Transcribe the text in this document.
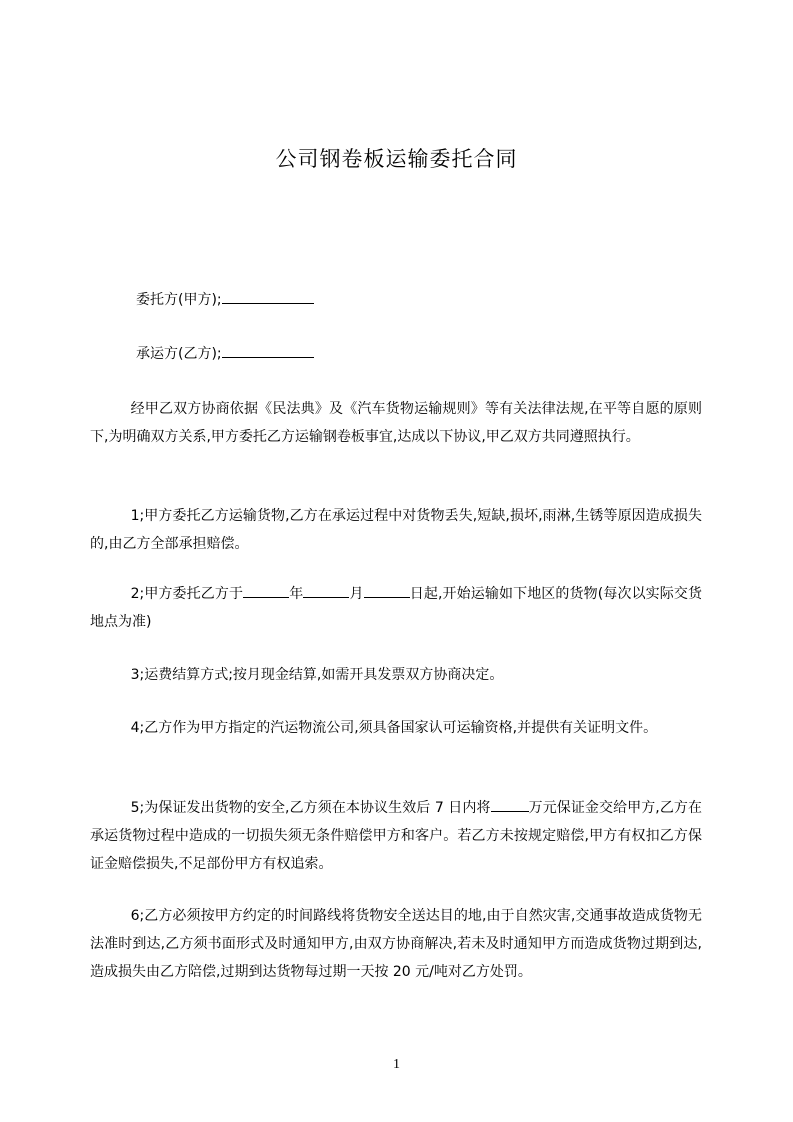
公司钢卷板运输委托合同
委托方(甲方);
承运方(乙方);
经甲乙双方协商依据《民法典》及《汽车货物运输规则》等有关法律法规,在平等自愿的原则下,为明确双方关系,甲方委托乙方运输钢卷板事宜,达成以下协议,甲乙双方共同遵照执行。
1;甲方委托乙方运输货物,乙方在承运过程中对货物丢失,短缺,损坏,雨淋,生锈等原因造成损失的,由乙方全部承担赔偿。
2;甲方委托乙方于	年	月	日起,开始运输如下地区的货物(每次以实际交货地点为准)
3;运费结算方式;按月现金结算,如需开具发票双方协商决定。
4;乙方作为甲方指定的汽运物流公司,须具备国家认可运输资格,并提供有关证明文件。
5;为保证发出货物的安全,乙方须在本协议生效后 7 日内将	万元保证金交给甲方,乙方在承运货物过程中造成的一切损失须无条件赔偿甲方和客户。若乙方未按规定赔偿,甲方有权扣乙方保证金赔偿损失,不足部份甲方有权追索。
6;乙方必须按甲方约定的时间路线将货物安全送达目的地,由于自然灾害,交通事故造成货物无法准时到达,乙方须书面形式及时通知甲方,由双方协商解决,若未及时通知甲方而造成货物过期到达,造成损失由乙方陪偿,过期到达货物每过期一天按 20 元/吨对乙方处罚。
1
